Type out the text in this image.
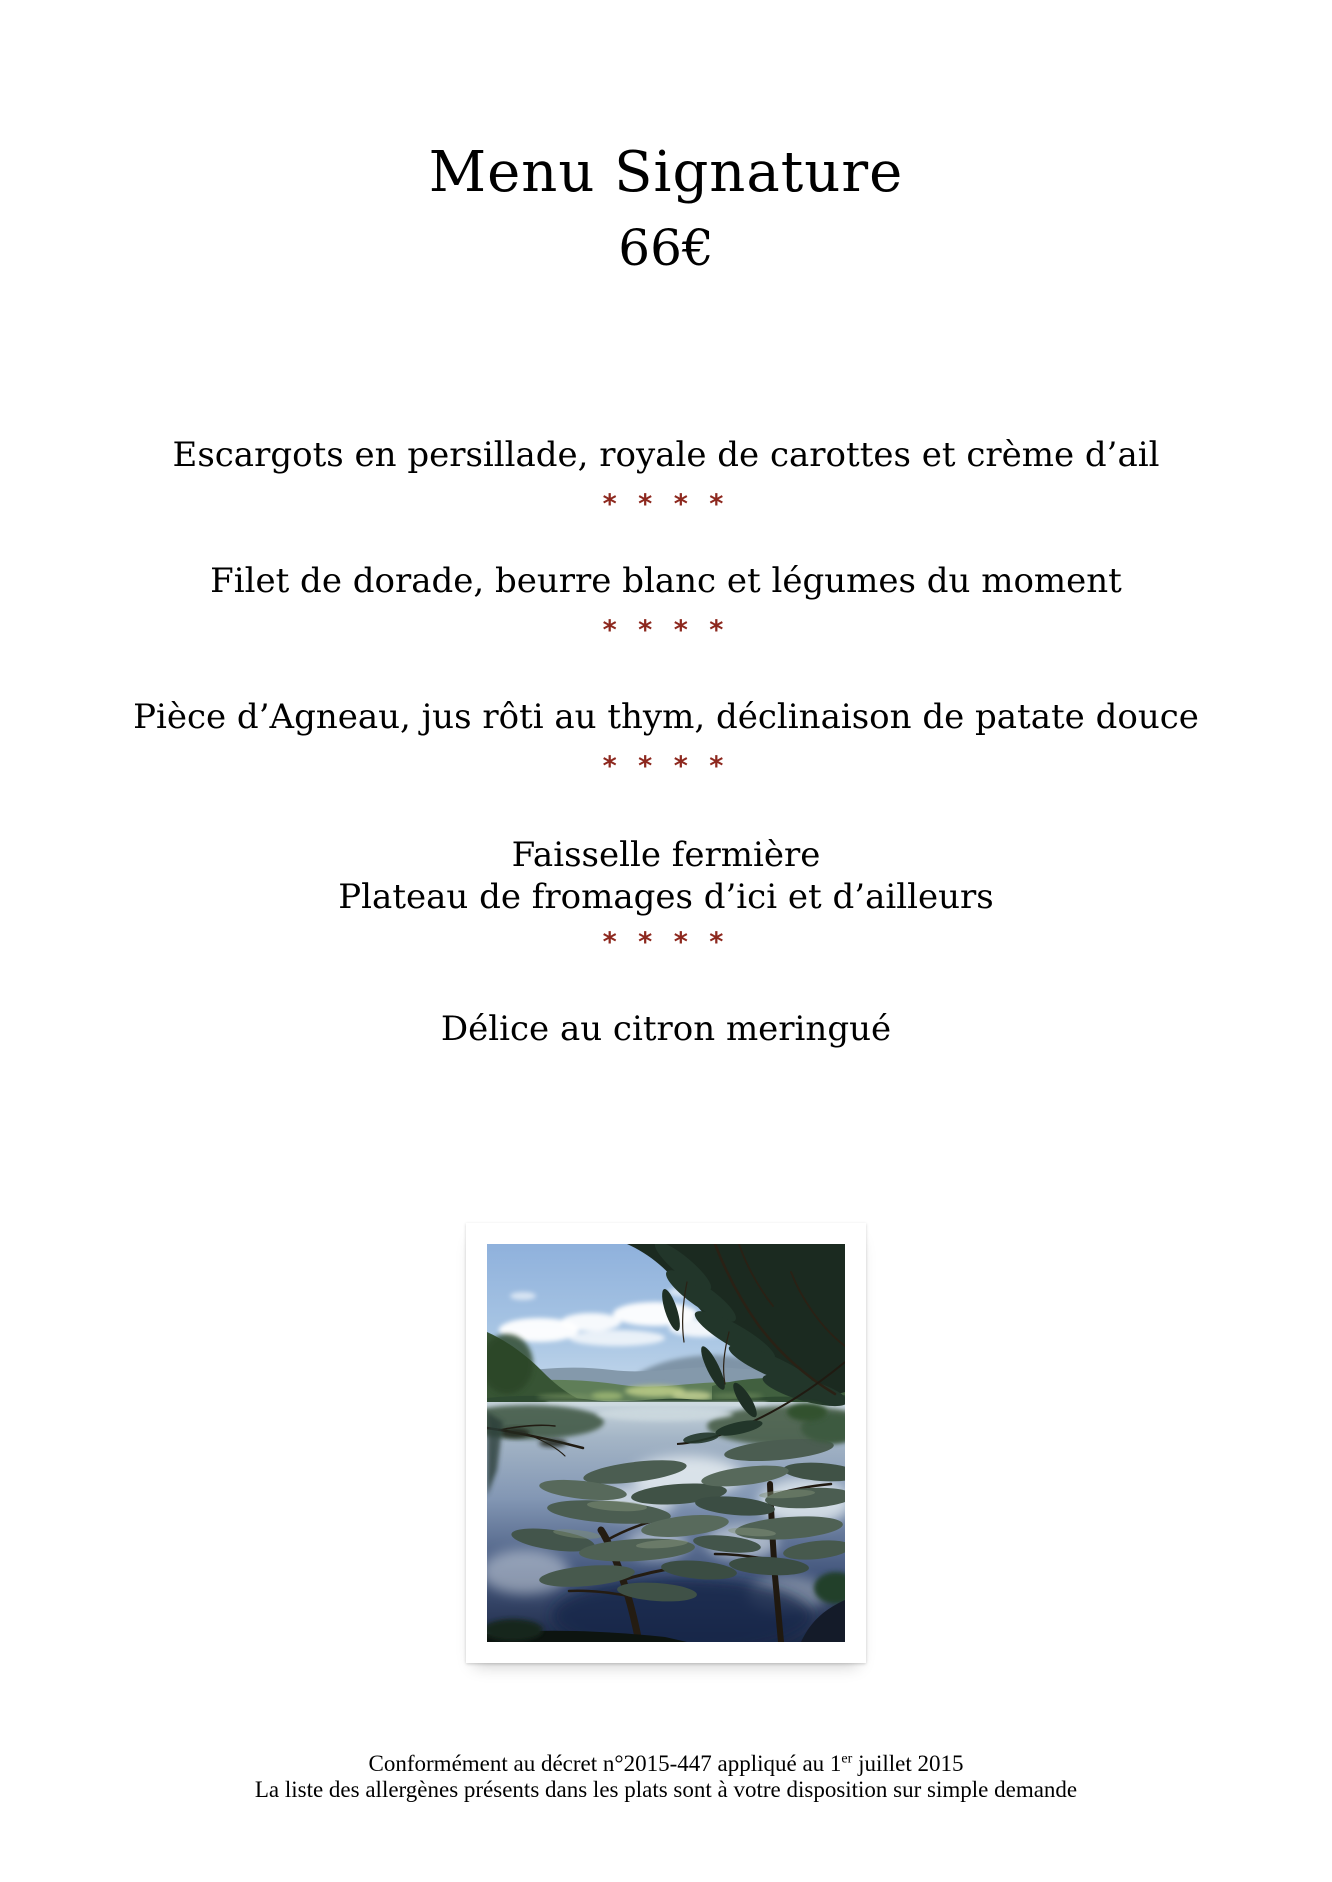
Menu Signature
66€

Escargots en persillade, royale de carottes et crème d’ail

* * * *

Filet de dorade, beurre blanc et légumes du moment

* * * *

Pièce d’Agneau, jus rôti au thym, déclinaison de patate douce

* * * *

Faisselle fermière

Plateau de fromages d’ici et d’ailleurs

* * * *

Délice au citron meringué

Conformément au décret n°2015-447 appliqué au 1er juillet 2015

La liste des allergènes présents dans les plats sont à votre disposition sur simple demande
